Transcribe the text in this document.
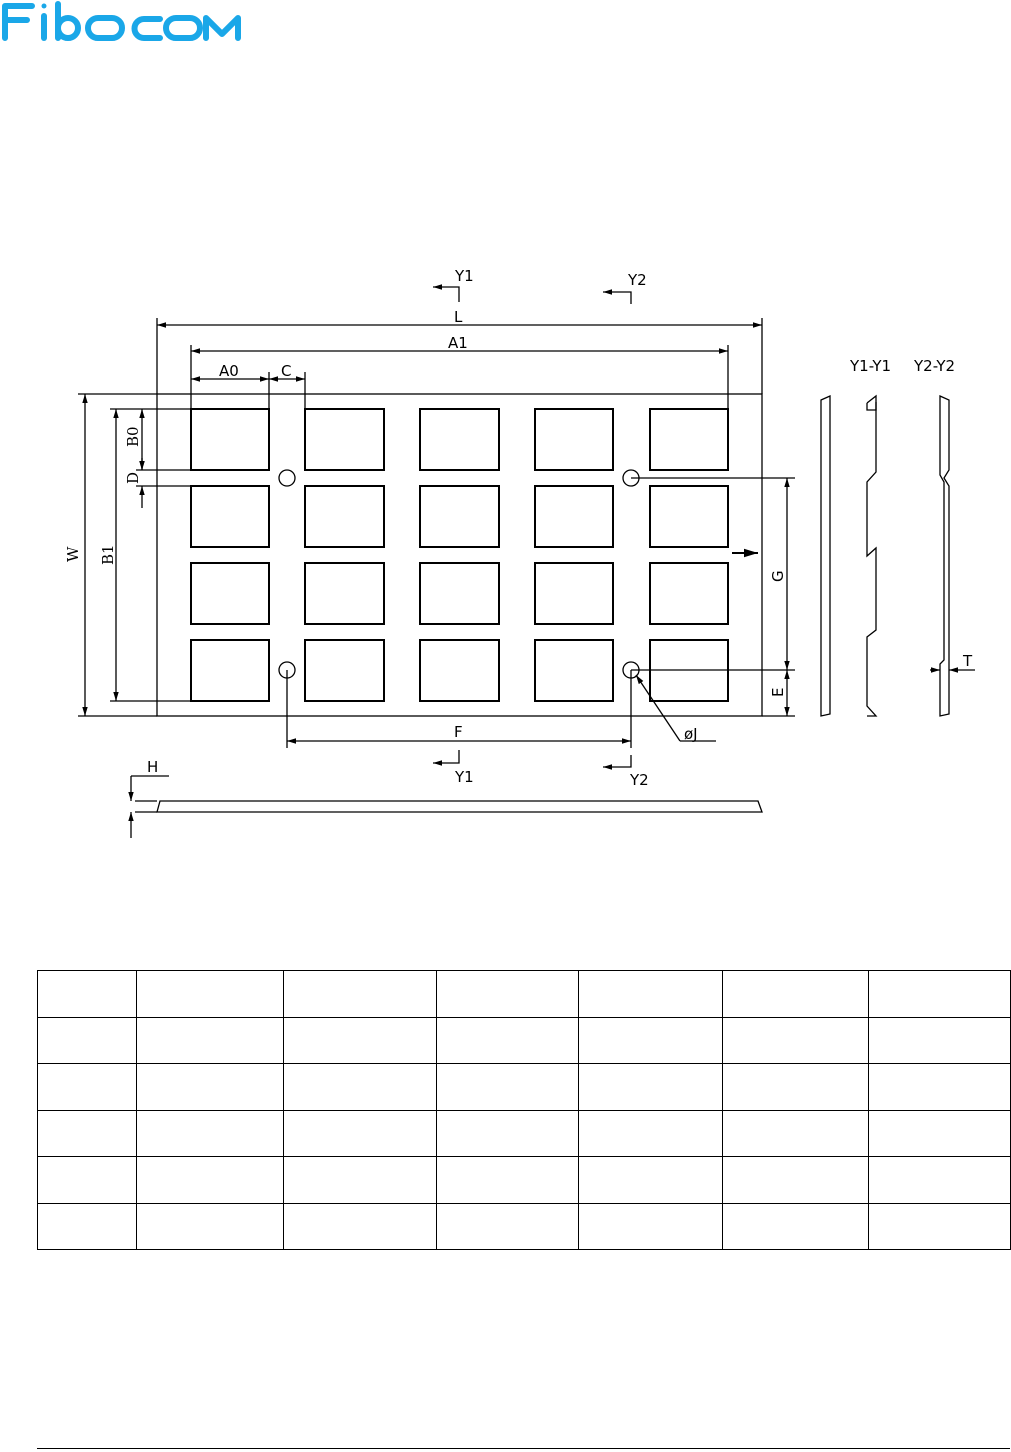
L
A1
A0	C
Y1	Y2
Y1	Y2
F	øJ
W B1
B0
D
G
E
Y1-Y1 Y2-Y2
T
H
